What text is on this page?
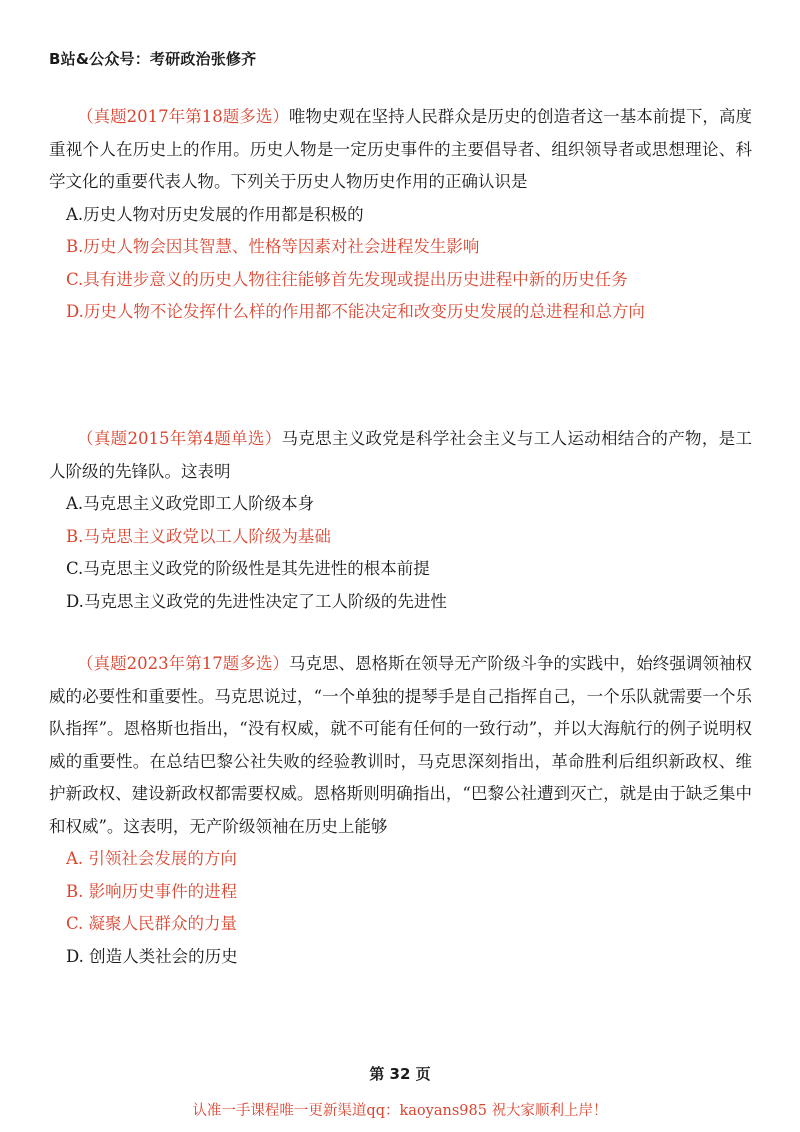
B站&公众号：考研政治张修齐

（真题2017年第18题多选）唯物史观在坚持人民群众是历史的创造者这一基本前提下，高度重视个人在历史上的作用。历史人物是一定历史事件的主要倡导者、组织领导者或思想理论、科学文化的重要代表人物。下列关于历史人物历史作用的正确认识是

A.历史人物对历史发展的作用都是积极的
B.历史人物会因其智慧、性格等因素对社会进程发生影响
C.具有进步意义的历史人物往往能够首先发现或提出历史进程中新的历史任务
D.历史人物不论发挥什么样的作用都不能决定和改变历史发展的总进程和总方向

（真题2015年第4题单选）马克思主义政党是科学社会主义与工人运动相结合的产物，是工人阶级的先锋队。这表明

A.马克思主义政党即工人阶级本身
B.马克思主义政党以工人阶级为基础
C.马克思主义政党的阶级性是其先进性的根本前提
D.马克思主义政党的先进性决定了工人阶级的先进性

（真题2023年第17题多选）马克思、恩格斯在领导无产阶级斗争的实践中，始终强调领袖权威的必要性和重要性。马克思说过，“一个单独的提琴手是自己指挥自己，一个乐队就需要一个乐队指挥”。恩格斯也指出，“没有权威，就不可能有任何的一致行动”，并以大海航行的例子说明权威的重要性。在总结巴黎公社失败的经验教训时，马克思深刻指出，革命胜利后组织新政权、维护新政权、建设新政权都需要权威。恩格斯则明确指出，“巴黎公社遭到灭亡，就是由于缺乏集中和权威”。这表明，无产阶级领袖在历史上能够

A. 引领社会发展的方向
B. 影响历史事件的进程
C. 凝聚人民群众的力量
D. 创造人类社会的历史
第 32 页
认准一手课程唯一更新渠道qq：kaoyans985 祝大家顺利上岸！
